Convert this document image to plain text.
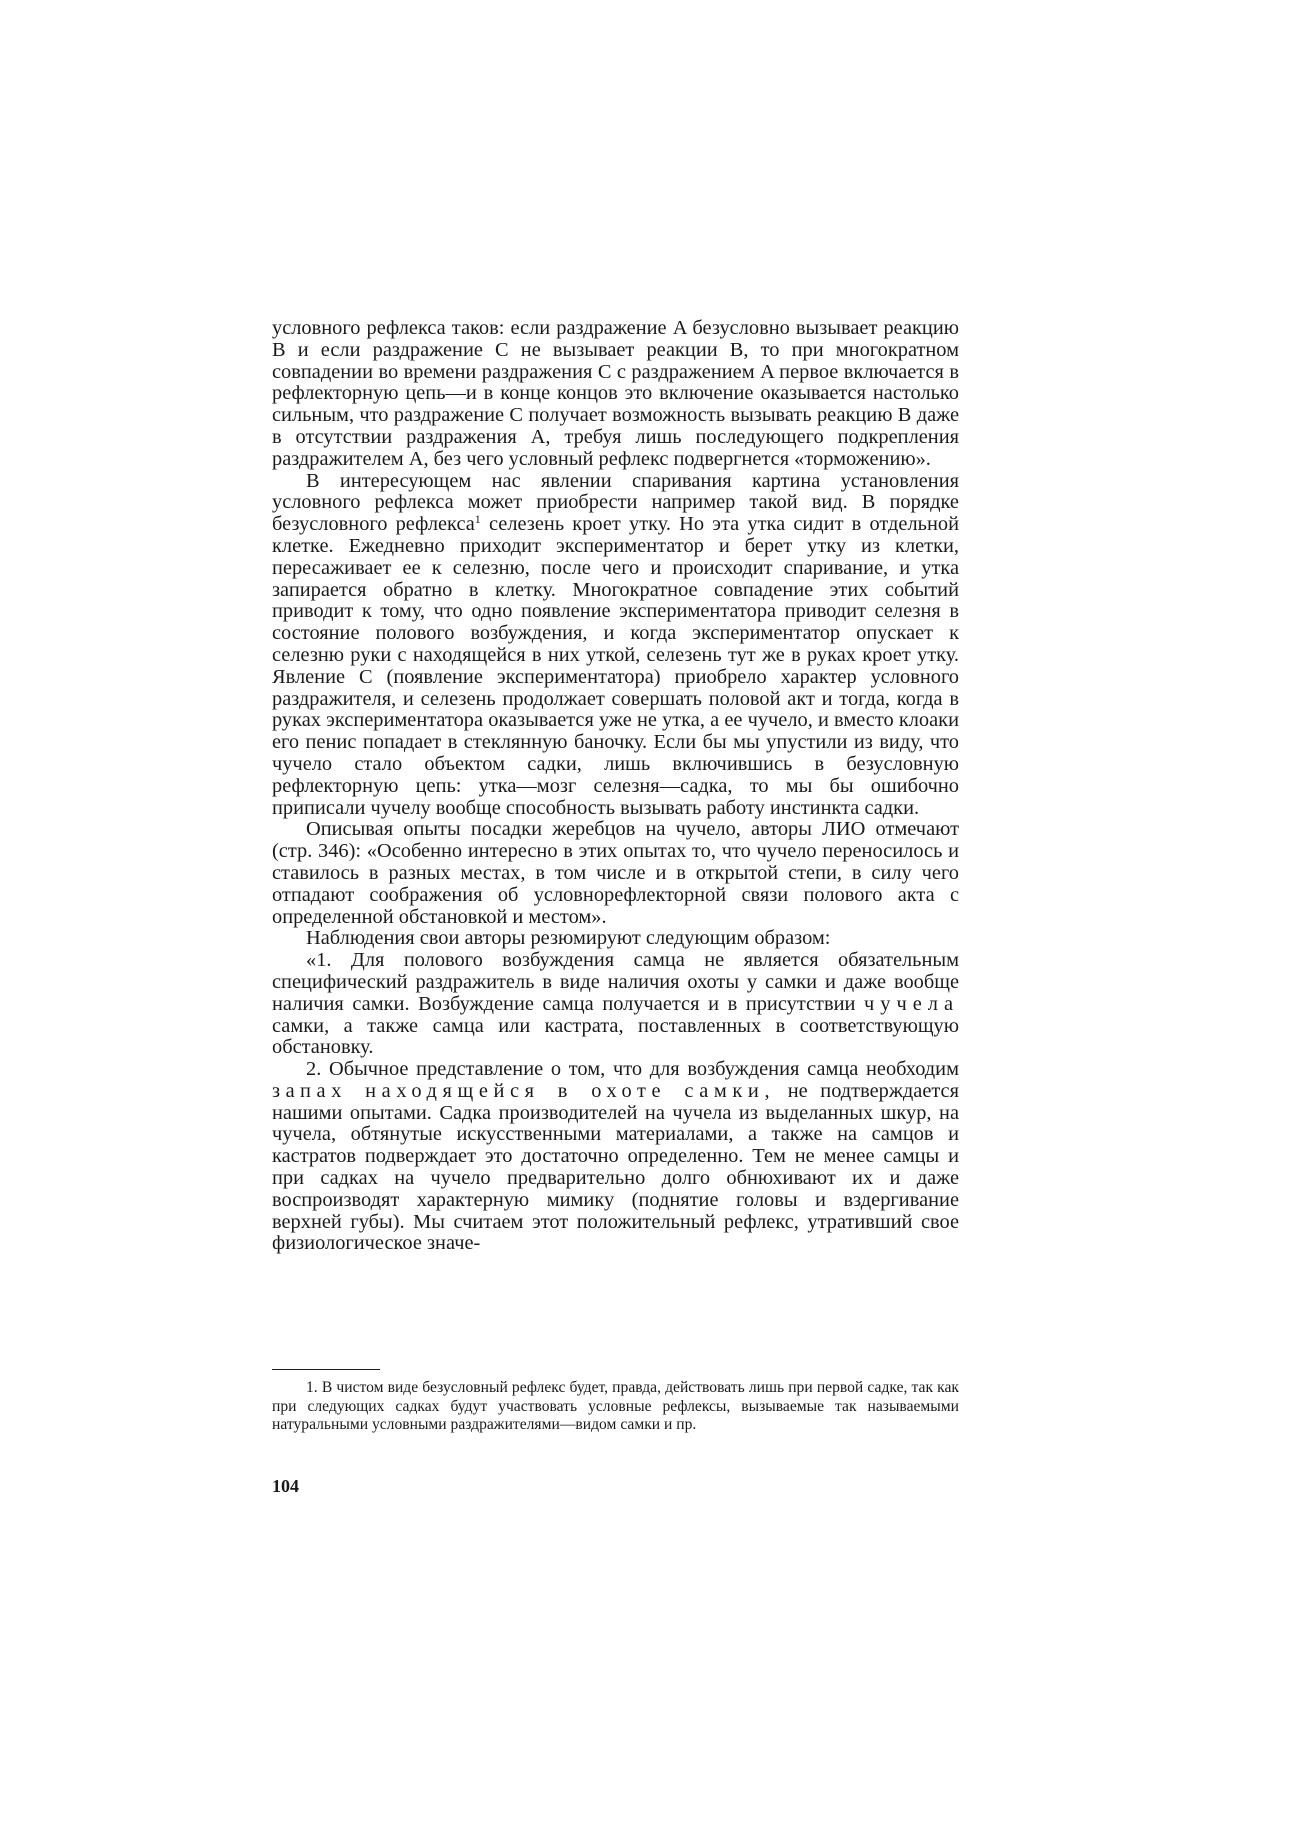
условного рефлекса таков: если раздражение A безусловно вызывает реакцию B и если раздражение C не вызывает реакции B, то при многократном совпадении во времени раздражения C с раздражением A первое включается в рефлекторную цепь—и в конце концов это включение оказывается настолько сильным, что раздражение C получает возможность вызывать реакцию B даже в отсутствии раздражения A, требуя лишь последующего подкрепления раздражителем A, без чего условный рефлекс подвергнется «торможению».

В интересующем нас явлении спаривания картина установления условного рефлекса может приобрести например такой вид. В порядке безусловного рефлекса$^1$ селезень кроет утку. Но эта утка сидит в отдельной клетке. Ежедневно приходит экспериментатор и берет утку из клетки, пересаживает ее к селезню, после чего и происходит спаривание, и утка запирается обратно в клетку. Многократное совпадение этих событий приводит к тому, что одно появление экспериментатора приводит селезня в состояние полового возбуждения, и когда экспериментатор опускает к селезню руки с находящейся в них уткой, селезень тут же в руках кроет утку. Явление C (появление экспериментатора) приобрело характер условного раздражителя, и селезень продолжает совершать половой акт и тогда, когда в руках экспериментатора оказывается уже не утка, а ее чучело, и вместо клоаки его пенис попадает в стеклянную баночку. Если бы мы упустили из виду, что чучело стало объектом садки, лишь включившись в безусловную рефлекторную цепь: утка—мозг селезня—садка, то мы бы ошибочно приписали чучелу вообще способность вызывать работу инстинкта садки.

Описывая опыты посадки жеребцов на чучело, авторы ЛИО отмечают (стр. 346): «Особенно интересно в этих опытах то, что чучело переносилось и ставилось в разных местах, в том числе и в открытой степи, в силу чего отпадают соображения об условнорефлекторной связи полового акта с определенной обстановкой и местом».

Наблюдения свои авторы резюмируют следующим образом:

«1. Для полового возбуждения самца не является обязательным специфический раздражитель в виде наличия охоты у самки и даже вообще наличия самки. Возбуждение самца получается и в присутствии чучела самки, а также самца или кастрата, поставленных в соответствующую обстановку.

2. Обычное представление о том, что для возбуждения самца необходим запах находящейся в охоте самки, не подтверждается нашими опытами. Садка производителей на чучела из выделанных шкур, на чучела, обтянутые искусственными материалами, а также на самцов и кастратов подверждает это достаточно определенно. Тем не менее самцы и при садках на чучело предварительно долго обнюхивают их и даже воспроизводят характерную мимику (поднятие головы и вздергивание верхней губы). Мы считаем этот положительный рефлекс, утративший свое физиологическое значе-

1. В чистом виде безусловный рефлекс будет, правда, действовать лишь при первой садке, так как при следующих садках будут участвовать условные рефлексы, вызываемые так называемыми натуральными условными раздражителями—видом самки и пр.

104
